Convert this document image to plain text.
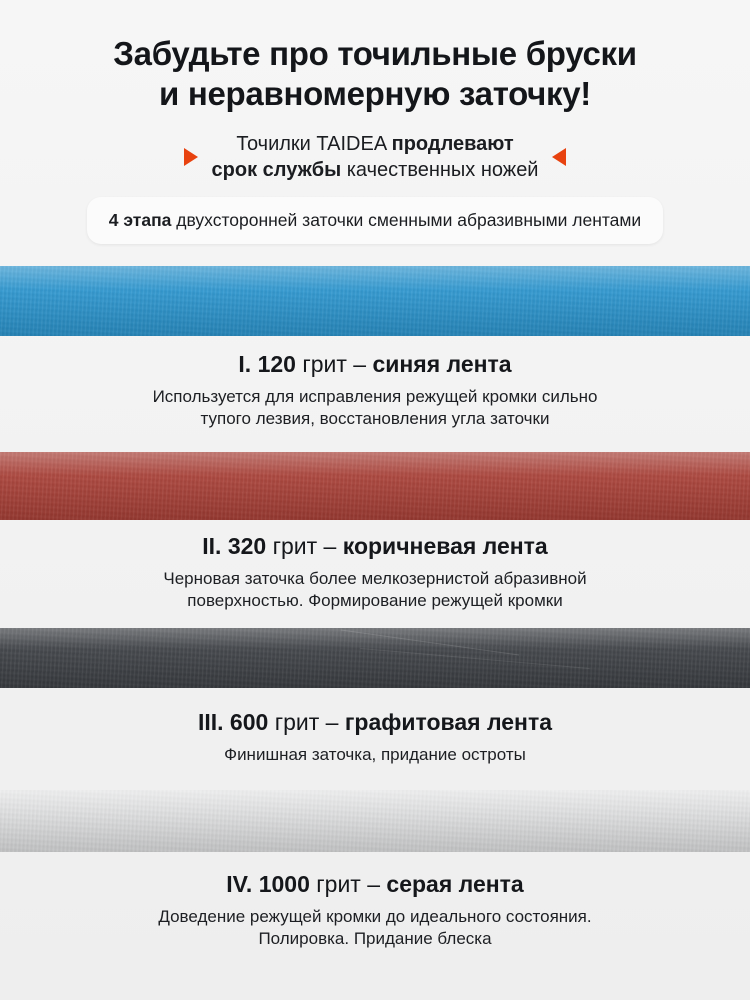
Забудьте про точильные бруски
и неравномерную заточку!
Точилки TAIDEA продлевают
срок службы качественных ножей
4 этапа двухсторонней заточки сменными абразивными лентами
I. 120 грит – синяя лента
Используется для исправления режущей кромки сильно
тупого лезвия, восстановления угла заточки
II. 320 грит – коричневая лента
Черновая заточка более мелкозернистой абразивной
поверхностью. Формирование режущей кромки
III. 600 грит – графитовая лента
Финишная заточка, придание остроты
IV. 1000 грит – серая лента
Доведение режущей кромки до идеального состояния.
Полировка. Придание блеска
